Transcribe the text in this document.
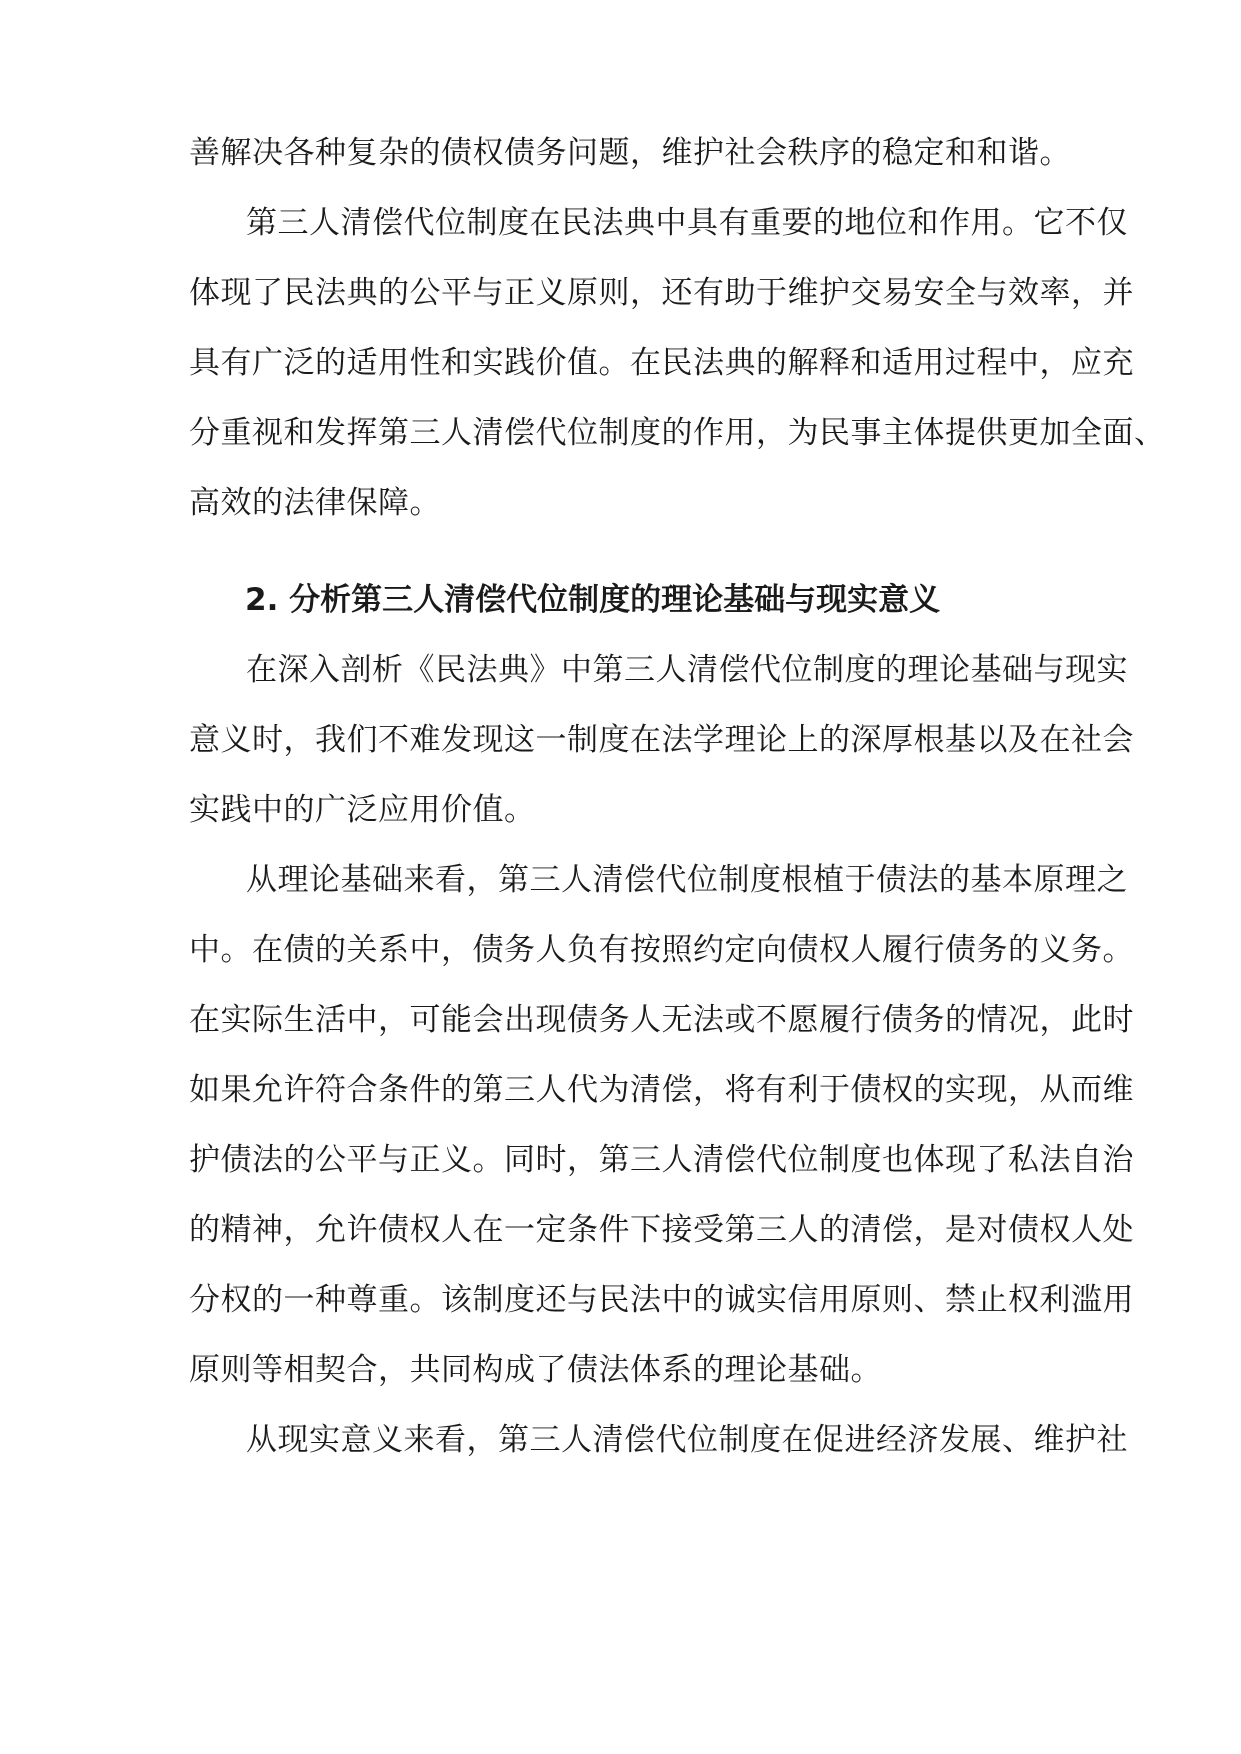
善解决各种复杂的债权债务问题，维护社会秩序的稳定和和谐。
第三人清偿代位制度在民法典中具有重要的地位和作用。它不仅
体现了民法典的公平与正义原则，还有助于维护交易安全与效率，并
具有广泛的适用性和实践价值。在民法典的解释和适用过程中，应充
分重视和发挥第三人清偿代位制度的作用，为民事主体提供更加全面、
高效的法律保障。
2. 分析第三人清偿代位制度的理论基础与现实意义
在深入剖析《民法典》中第三人清偿代位制度的理论基础与现实
意义时，我们不难发现这一制度在法学理论上的深厚根基以及在社会
实践中的广泛应用价值。
从理论基础来看，第三人清偿代位制度根植于债法的基本原理之
中。在债的关系中，债务人负有按照约定向债权人履行债务的义务。
在实际生活中，可能会出现债务人无法或不愿履行债务的情况，此时
如果允许符合条件的第三人代为清偿，将有利于债权的实现，从而维
护债法的公平与正义。同时，第三人清偿代位制度也体现了私法自治
的精神，允许债权人在一定条件下接受第三人的清偿，是对债权人处
分权的一种尊重。该制度还与民法中的诚实信用原则、禁止权利滥用
原则等相契合，共同构成了债法体系的理论基础。
从现实意义来看，第三人清偿代位制度在促进经济发展、维护社
